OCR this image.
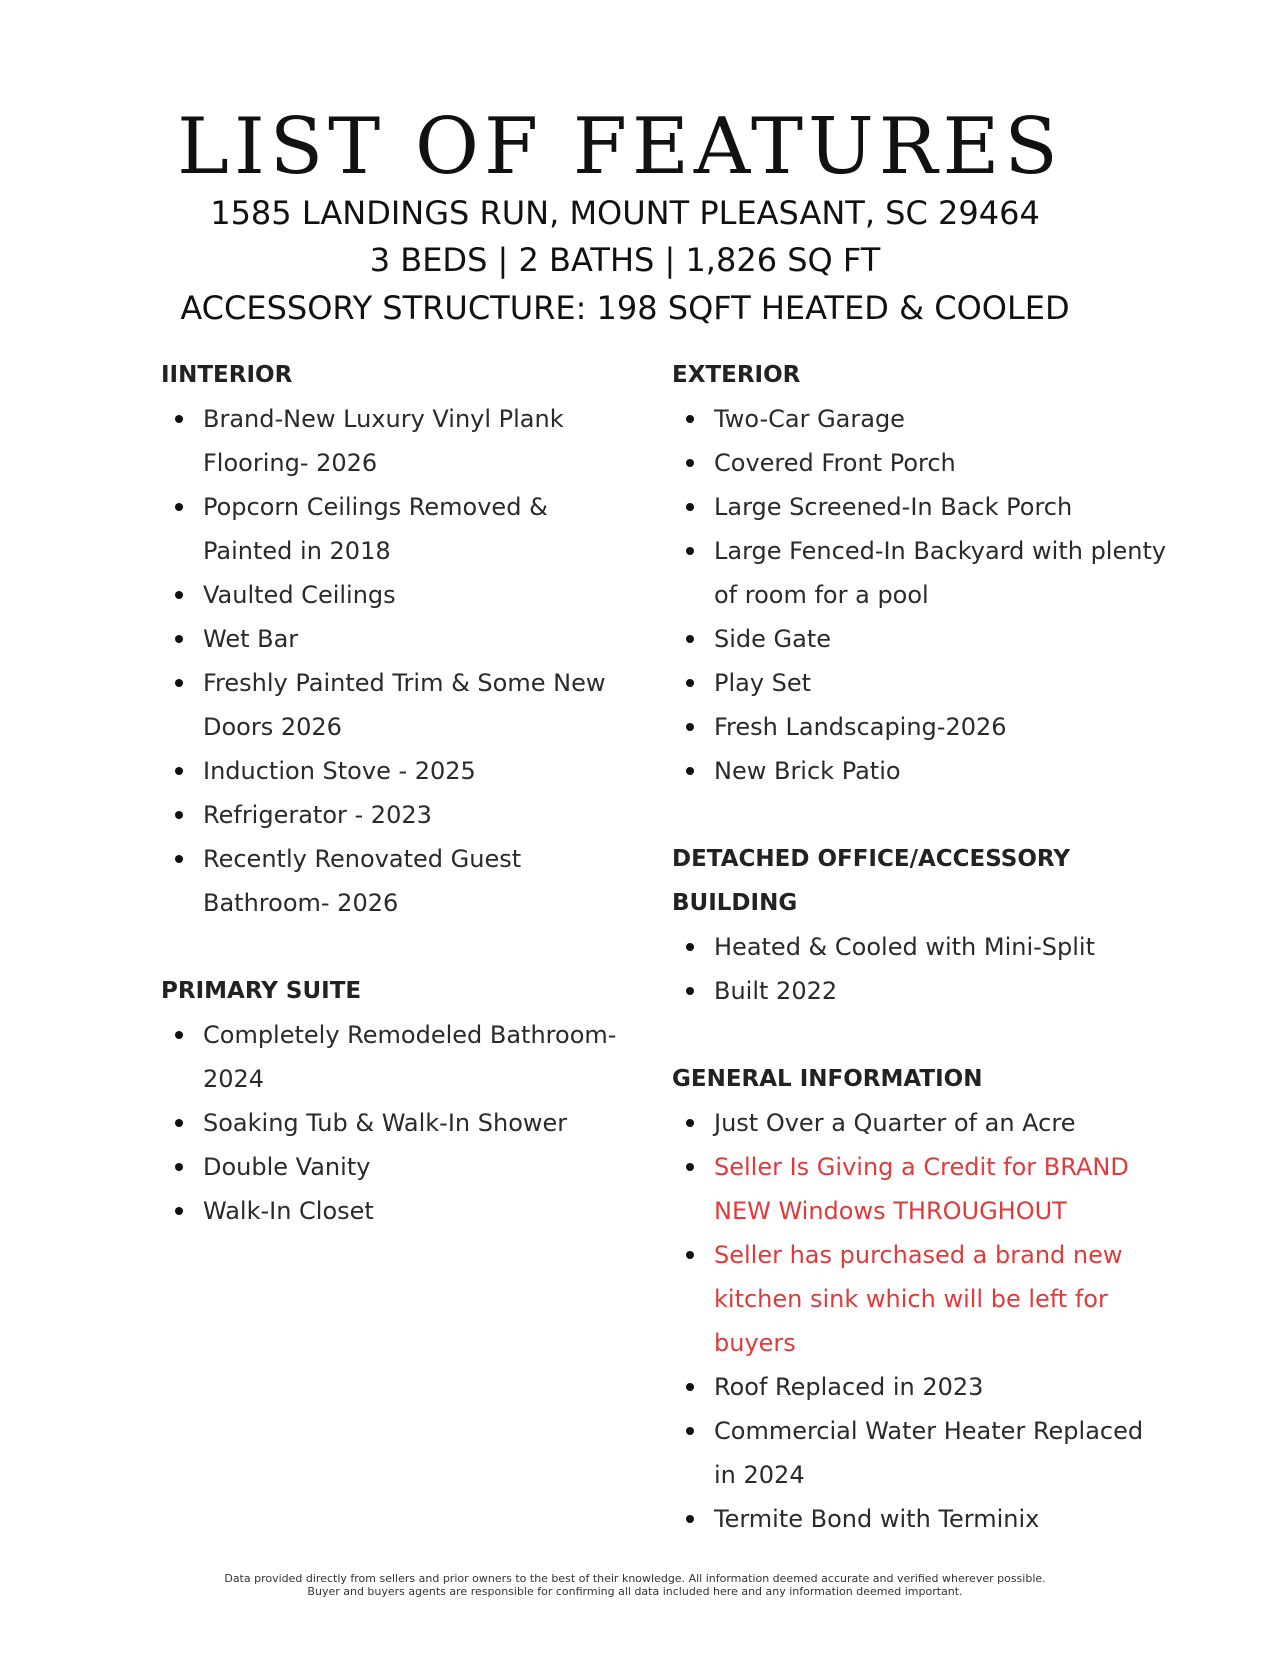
LIST OF FEATURES
1585 LANDINGS RUN, MOUNT PLEASANT, SC 29464
3 BEDS | 2 BATHS | 1,826 SQ FT
ACCESSORY STRUCTURE: 198 SQFT HEATED & COOLED
IINTERIOR
Brand-New Luxury Vinyl Plank Flooring- 2026
Popcorn Ceilings Removed & Painted in 2018
Vaulted Ceilings
Wet Bar
Freshly Painted Trim & Some New Doors 2026
Induction Stove - 2025
Refrigerator - 2023
Recently Renovated Guest Bathroom- 2026
PRIMARY SUITE
Completely Remodeled Bathroom- 2024
Soaking Tub & Walk-In Shower
Double Vanity
Walk-In Closet
EXTERIOR
Two-Car Garage
Covered Front Porch
Large Screened-In Back Porch
Large Fenced-In Backyard with plenty of room for a pool
Side Gate
Play Set
Fresh Landscaping-2026
New Brick Patio
DETACHED OFFICE/ACCESSORY BUILDING
Heated & Cooled with Mini-Split
Built 2022
GENERAL INFORMATION
Just Over a Quarter of an Acre
Seller Is Giving a Credit for BRAND NEW Windows THROUGHOUT
Seller has purchased a brand new kitchen sink which will be left for buyers
Roof Replaced in 2023
Commercial Water Heater Replaced in 2024
Termite Bond with Terminix
Data provided directly from sellers and prior owners to the best of their knowledge. All information deemed accurate and verified wherever possible.
Buyer and buyers agents are responsible for confirming all data included here and any information deemed important.
